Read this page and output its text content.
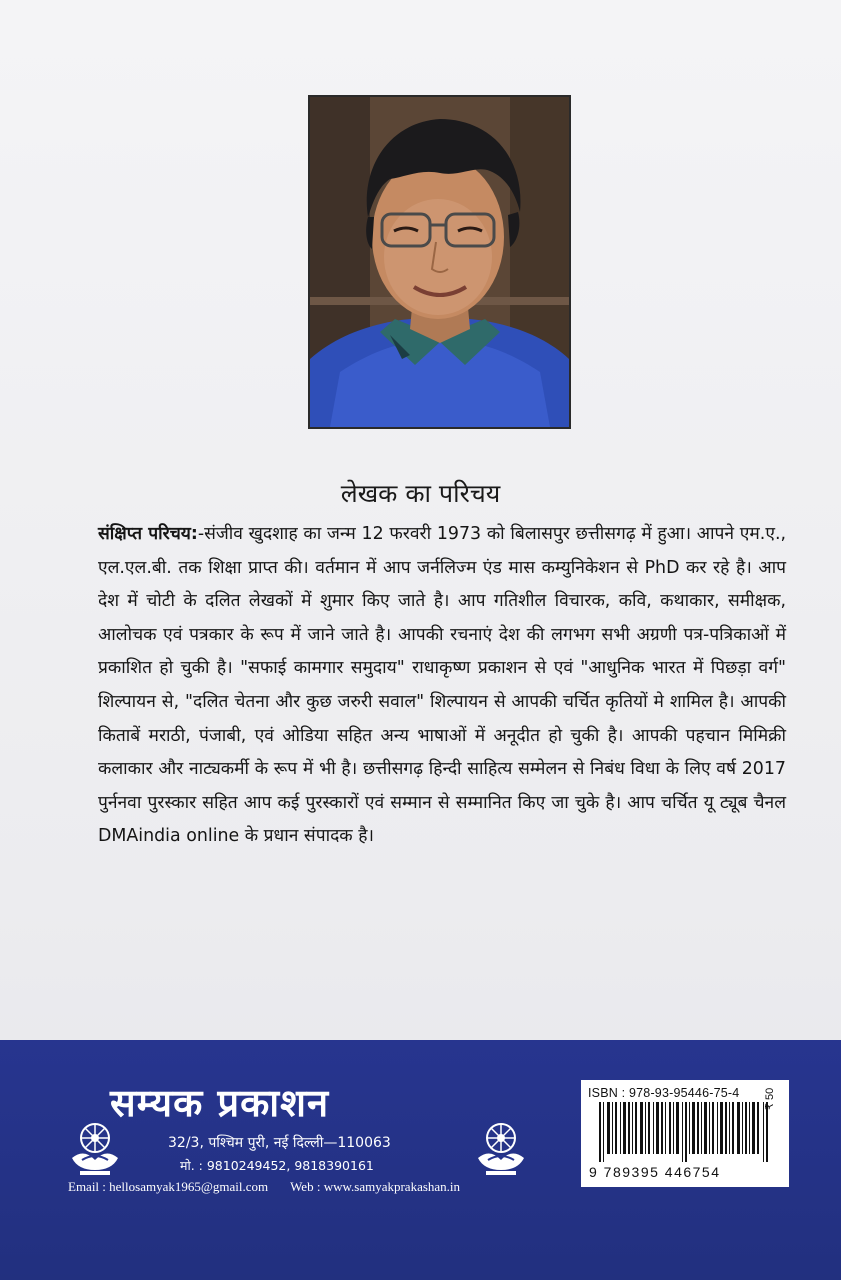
लेखक का परिचय
संक्षिप्त परिचय:-संजीव खुदशाह का जन्म 12 फरवरी 1973 को बिलासपुर छत्तीसगढ़ में हुआ। आपने एम.ए., एल.एल.बी. तक शिक्षा प्राप्त की। वर्तमान में आप जर्नलिज्म एंड मास कम्युनिकेशन से PhD कर रहे है। आप देश में चोटी के दलित लेखकों में शुमार किए जाते है। आप गतिशील विचारक, कवि, कथाकार, समीक्षक, आलोचक एवं पत्रकार के रूप में जाने जाते है। आपकी रचनाएं देश की लगभग सभी अग्रणी पत्र-पत्रिकाओं में प्रकाशित हो चुकी है। "सफाई कामगार समुदाय" राधाकृष्ण प्रकाशन से एवं "आधुनिक भारत में पिछड़ा वर्ग" शिल्पायन से, "दलित चेतना और कुछ जरुरी सवाल" शिल्पायन से आपकी चर्चित कृतियों मे शामिल है। आपकी किताबें मराठी, पंजाबी, एवं ओडिया सहित अन्य भाषाओं में अनूदीत हो चुकी है। आपकी पहचान मिमिक्री कलाकार और नाट्यकर्मी के रूप में भी है। छत्तीसगढ़ हिन्दी साहित्य सम्मेलन से निबंध विधा के लिए वर्ष 2017 पुर्ननवा पुरस्कार सहित आप कई पुरस्कारों एवं सम्मान से सम्मानित किए जा चुके है। आप चर्चित यू ट्यूब चैनल DMAindia online के प्रधान संपादक है।
सम्यक प्रकाशन
32/3, पश्चिम पुरी, नई दिल्ली—110063
मो. : 9810249452, 9818390161
Email : hellosamyak1965@gmail.com Web : www.samyakprakashan.in
ISBN : 978-93-95446-75-4
9 789395 446754
₹ 50
